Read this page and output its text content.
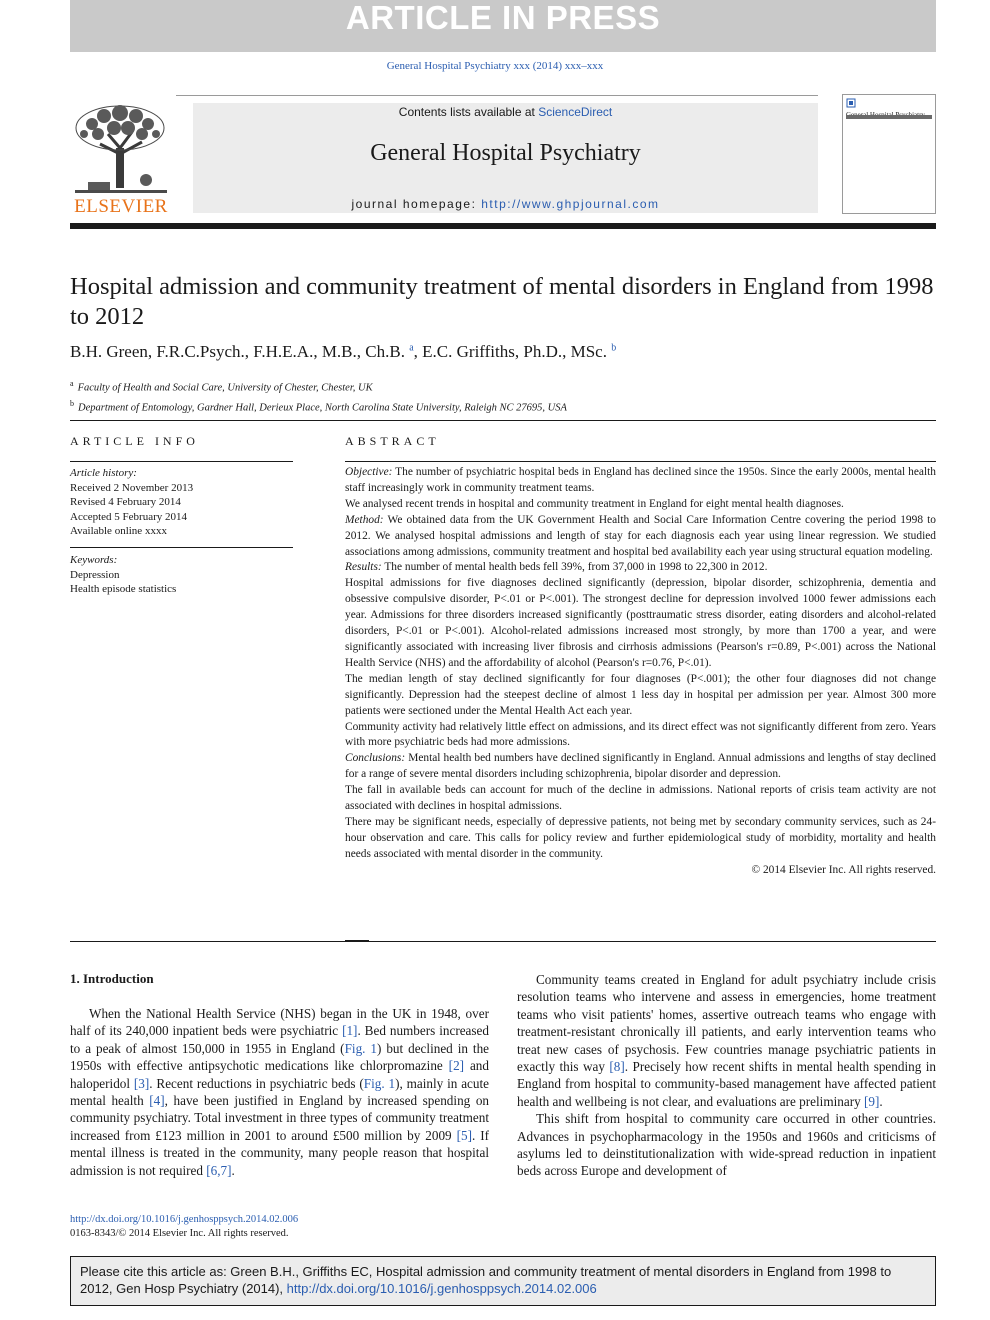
ARTICLE IN PRESS
General Hospital Psychiatry xxx (2014) xxx–xxx
ELSEVIER
Contents lists available at ScienceDirect
General Hospital Psychiatry
journal homepage: http://www.ghpjournal.com
Hospital admission and community treatment of mental disorders in England from 1998 to 2012
B.H. Green, F.R.C.Psych., F.H.E.A., M.B., Ch.B. $^a$, E.C. Griffiths, Ph.D., MSc. $^b$
$^a$ Faculty of Health and Social Care, University of Chester, Chester, UK
$^b$ Department of Entomology, Gardner Hall, Derieux Place, North Carolina State University, Raleigh NC 27695, USA
ARTICLE INFO	ABSTRACT
Article history:
Received 2 November 2013
Revised 4 February 2014
Accepted 5 February 2014
Available online xxxx
Keywords:
Depression
Health episode statistics

Objective: The number of psychiatric hospital beds in England has declined since the 1950s. Since the early 2000s, mental health staff increasingly work in community treatment teams.

We analysed recent trends in hospital and community treatment in England for eight mental health diagnoses.

Method: We obtained data from the UK Government Health and Social Care Information Centre covering the period 1998 to 2012. We analysed hospital admissions and length of stay for each diagnosis each year using linear regression. We studied associations among admissions, community treatment and hospital bed availability each year using structural equation modeling.

Results: The number of mental health beds fell 39%, from 37,000 in 1998 to 22,300 in 2012.

Hospital admissions for five diagnoses declined significantly (depression, bipolar disorder, schizophrenia, dementia and obsessive compulsive disorder, P<.01 or P<.001). The strongest decline for depression involved 1000 fewer admissions each year. Admissions for three disorders increased significantly (posttraumatic stress disorder, eating disorders and alcohol-related disorders, P<.01 or P<.001). Alcohol-related admissions increased most strongly, by more than 1700 a year, and were significantly associated with increasing liver fibrosis and cirrhosis admissions (Pearson's r=0.89, P<.001) across the National Health Service (NHS) and the affordability of alcohol (Pearson's r=0.76, P<.01).

The median length of stay declined significantly for four diagnoses (P<.001); the other four diagnoses did not change significantly. Depression had the steepest decline of almost 1 less day in hospital per admission per year. Almost 300 more patients were sectioned under the Mental Health Act each year.

Community activity had relatively little effect on admissions, and its direct effect was not significantly different from zero. Years with more psychiatric beds had more admissions.

Conclusions: Mental health bed numbers have declined significantly in England. Annual admissions and lengths of stay declined for a range of severe mental disorders including schizophrenia, bipolar disorder and depression.

The fall in available beds can account for much of the decline in admissions. National reports of crisis team activity are not associated with declines in hospital admissions.

There may be significant needs, especially of depressive patients, not being met by secondary community services, such as 24-hour observation and care. This calls for policy review and further epidemiological study of morbidity, mortality and health needs associated with mental disorder in the community.

© 2014 Elsevier Inc. All rights reserved.

1. Introduction

When the National Health Service (NHS) began in the UK in 1948, over half of its 240,000 inpatient beds were psychiatric [1]. Bed numbers increased to a peak of almost 150,000 in 1955 in England (Fig. 1) but declined in the 1950s with effective antipsychotic medications like chlorpromazine [2] and haloperidol [3]. Recent reductions in psychiatric beds (Fig. 1), mainly in acute mental health [4], have been justified in England by increased spending on community psychiatry. Total investment in three types of community treatment increased from £123 million in 2001 to around £500 million by 2009 [5]. If mental illness is treated in the community, many people reason that hospital admission is not required [6,7].

Community teams created in England for adult psychiatry include crisis resolution teams who intervene and assess in emergencies, home treatment teams who visit patients' homes, assertive outreach teams who engage with treatment-resistant chronically ill patients, and early intervention teams who treat new cases of psychosis. Few countries manage psychiatric patients in exactly this way [8]. Precisely how recent shifts in mental health spending in England from hospital to community-based management have affected patient health and wellbeing is not clear, and evaluations are preliminary [9].

This shift from hospital to community care occurred in other countries. Advances in psychopharmacology in the 1950s and 1960s and criticisms of asylums led to deinstitutionalization with wide-spread reduction in inpatient beds across Europe and development of

http://dx.doi.org/10.1016/j.genhosppsych.2014.02.006
0163-8343/© 2014 Elsevier Inc. All rights reserved.
Please cite this article as: Green B.H., Griffiths EC, Hospital admission and community treatment of mental disorders in England from 1998 to 2012, Gen Hosp Psychiatry (2014), http://dx.doi.org/10.1016/j.genhosppsych.2014.02.006
